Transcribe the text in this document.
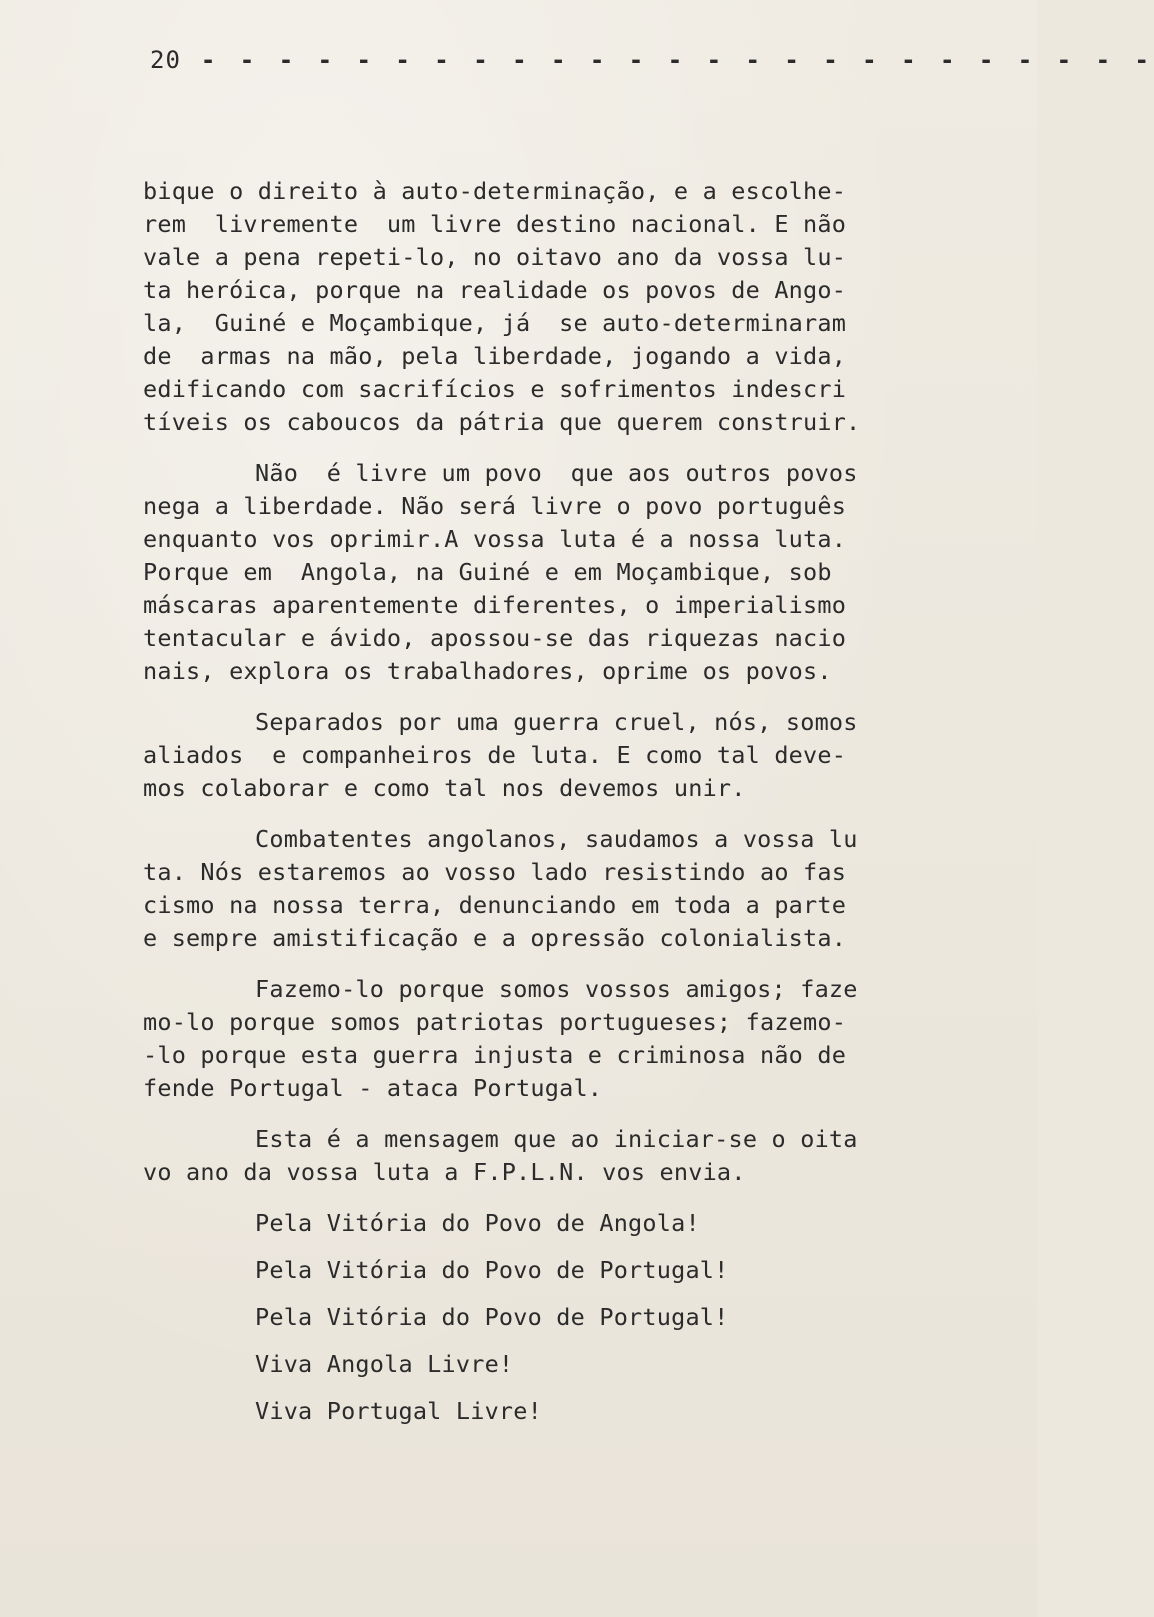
20 - - - - - - - - - - - - - - - - - - - - - - - - -
bique o direito à auto-determinação, e a escolhe-
rem  livremente  um livre destino nacional. E não
vale a pena repeti-lo, no oitavo ano da vossa lu-
ta heróica, porque na realidade os povos de Ango-
la,  Guiné e Moçambique, já  se auto-determinaram
de  armas na mão, pela liberdade, jogando a vida,
edificando com sacrifícios e sofrimentos indescri
tíveis os caboucos da pátria que querem construir.
Não  é livre um povo  que aos outros povos
nega a liberdade. Não será livre o povo português
enquanto vos oprimir.A vossa luta é a nossa luta.
Porque em  Angola, na Guiné e em Moçambique, sob
máscaras aparentemente diferentes, o imperialismo
tentacular e ávido, apossou-se das riquezas nacio
nais, explora os trabalhadores, oprime os povos.
Separados por uma guerra cruel, nós, somos
aliados  e companheiros de luta. E como tal deve-
mos colaborar e como tal nos devemos unir.
Combatentes angolanos, saudamos a vossa lu
ta. Nós estaremos ao vosso lado resistindo ao fas
cismo na nossa terra, denunciando em toda a parte
e sempre amistificação e a opressão colonialista.
Fazemo-lo porque somos vossos amigos; faze
mo-lo porque somos patriotas portugueses; fazemo-
-lo porque esta guerra injusta e criminosa não de
fende Portugal - ataca Portugal.
Esta é a mensagem que ao iniciar-se o oita
vo ano da vossa luta a F.P.L.N. vos envia.
Pela Vitória do Povo de Angola!
Pela Vitória do Povo de Portugal!
Pela Vitória do Povo de Portugal!
Viva Angola Livre!
Viva Portugal Livre!
